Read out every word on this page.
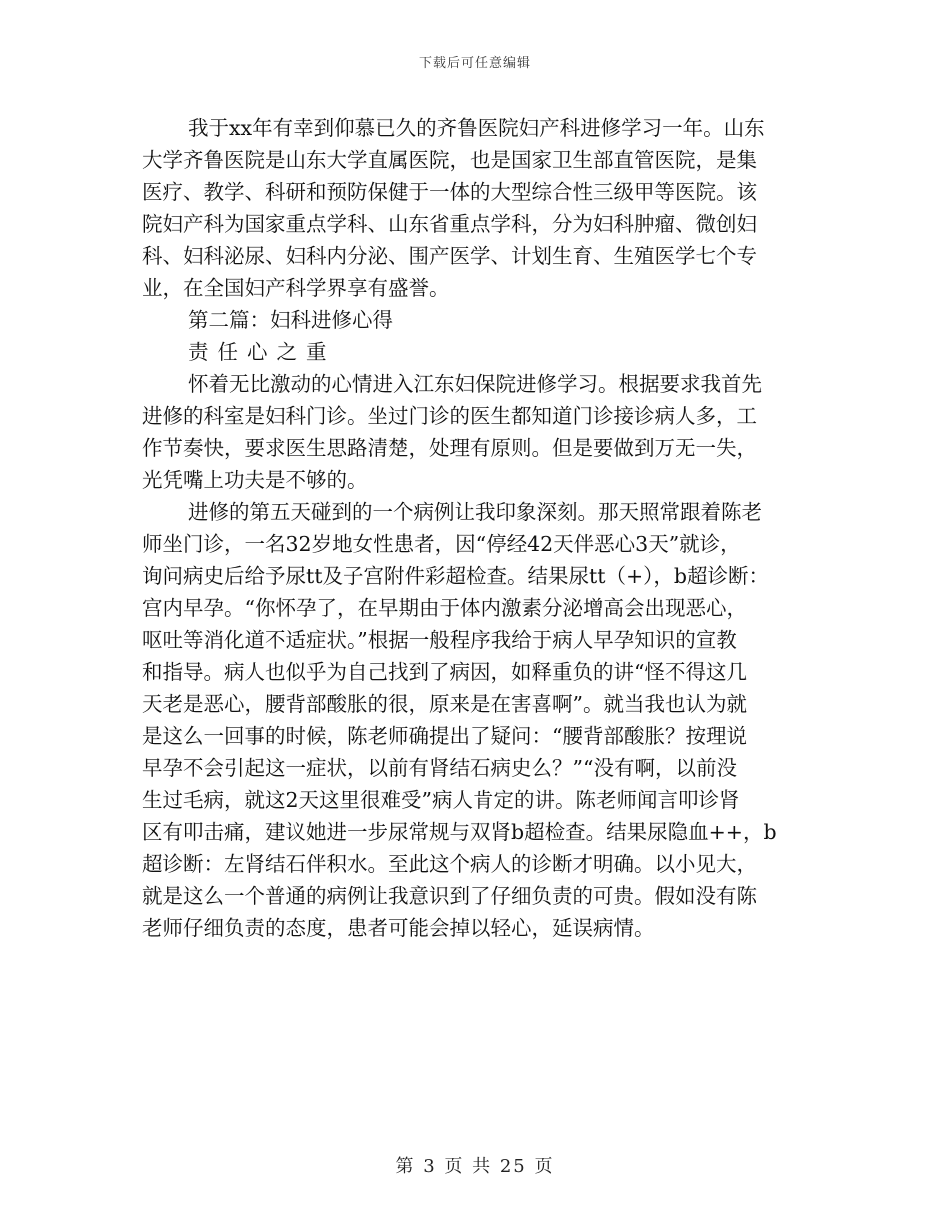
下载后可任意编辑
我于xx年有幸到仰慕已久的齐鲁医院妇产科进修学习一年。山东
大学齐鲁医院是山东大学直属医院，也是国家卫生部直管医院，是集
医疗、教学、科研和预防保健于一体的大型综合性三级甲等医院。该
院妇产科为国家重点学科、山东省重点学科，分为妇科肿瘤、微创妇
科、妇科泌尿、妇科内分泌、围产医学、计划生育、生殖医学七个专
业，在全国妇产科学界享有盛誉。
第二篇：妇科进修心得
责任心之重
怀着无比激动的心情进入江东妇保院进修学习。根据要求我首先
进修的科室是妇科门诊。坐过门诊的医生都知道门诊接诊病人多，工
作节奏快，要求医生思路清楚，处理有原则。但是要做到万无一失，
光凭嘴上功夫是不够的。
进修的第五天碰到的一个病例让我印象深刻。那天照常跟着陈老
师坐门诊，一名32岁地女性患者，因“停经42天伴恶心3天”就诊，
询问病史后给予尿tt及子宫附件彩超检查。结果尿tt（+），b超诊断：
宫内早孕。“你怀孕了，在早期由于体内激素分泌增高会出现恶心，
呕吐等消化道不适症状。”根据一般程序我给于病人早孕知识的宣教
和指导。病人也似乎为自己找到了病因，如释重负的讲“怪不得这几
天老是恶心，腰背部酸胀的很，原来是在害喜啊”。就当我也认为就
是这么一回事的时候，陈老师确提出了疑问：“腰背部酸胀？按理说
早孕不会引起这一症状，以前有肾结石病史么？”“没有啊，以前没
生过毛病，就这2天这里很难受”病人肯定的讲。陈老师闻言叩诊肾
区有叩击痛，建议她进一步尿常规与双肾b超检查。结果尿隐血++，b
超诊断：左肾结石伴积水。至此这个病人的诊断才明确。以小见大，
就是这么一个普通的病例让我意识到了仔细负责的可贵。假如没有陈
老师仔细负责的态度，患者可能会掉以轻心，延误病情。
第 3 页 共 25 页
